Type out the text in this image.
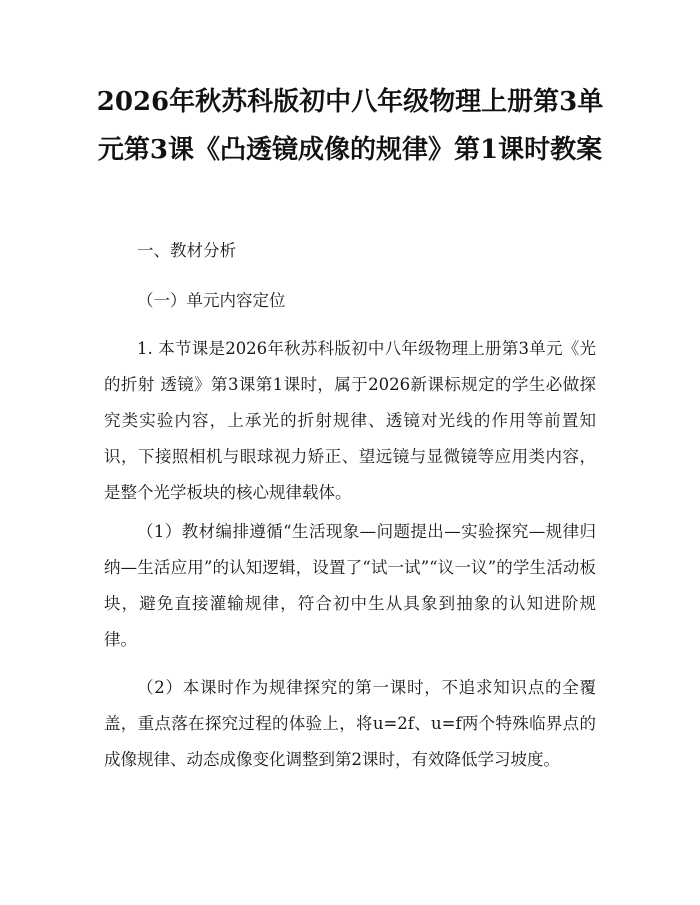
2026年秋苏科版初中八年级物理上册第3单元第3课《凸透镜成像的规律》第1课时教案

一、教材分析

（一）单元内容定位

1. 本节课是2026年秋苏科版初中八年级物理上册第3单元《光的折射 透镜》第3课第1课时，属于2026新课标规定的学生必做探究类实验内容，上承光的折射规律、透镜对光线的作用等前置知识，下接照相机与眼球视力矫正、望远镜与显微镜等应用类内容，是整个光学板块的核心规律载体。

（1）教材编排遵循“生活现象—问题提出—实验探究—规律归纳—生活应用”的认知逻辑，设置了“试一试”“议一议”的学生活动板块，避免直接灌输规律，符合初中生从具象到抽象的认知进阶规律。

（2）本课时作为规律探究的第一课时，不追求知识点的全覆盖，重点落在探究过程的体验上，将u=2f、u=f两个特殊临界点的成像规律、动态成像变化调整到第2课时，有效降低学习坡度。
